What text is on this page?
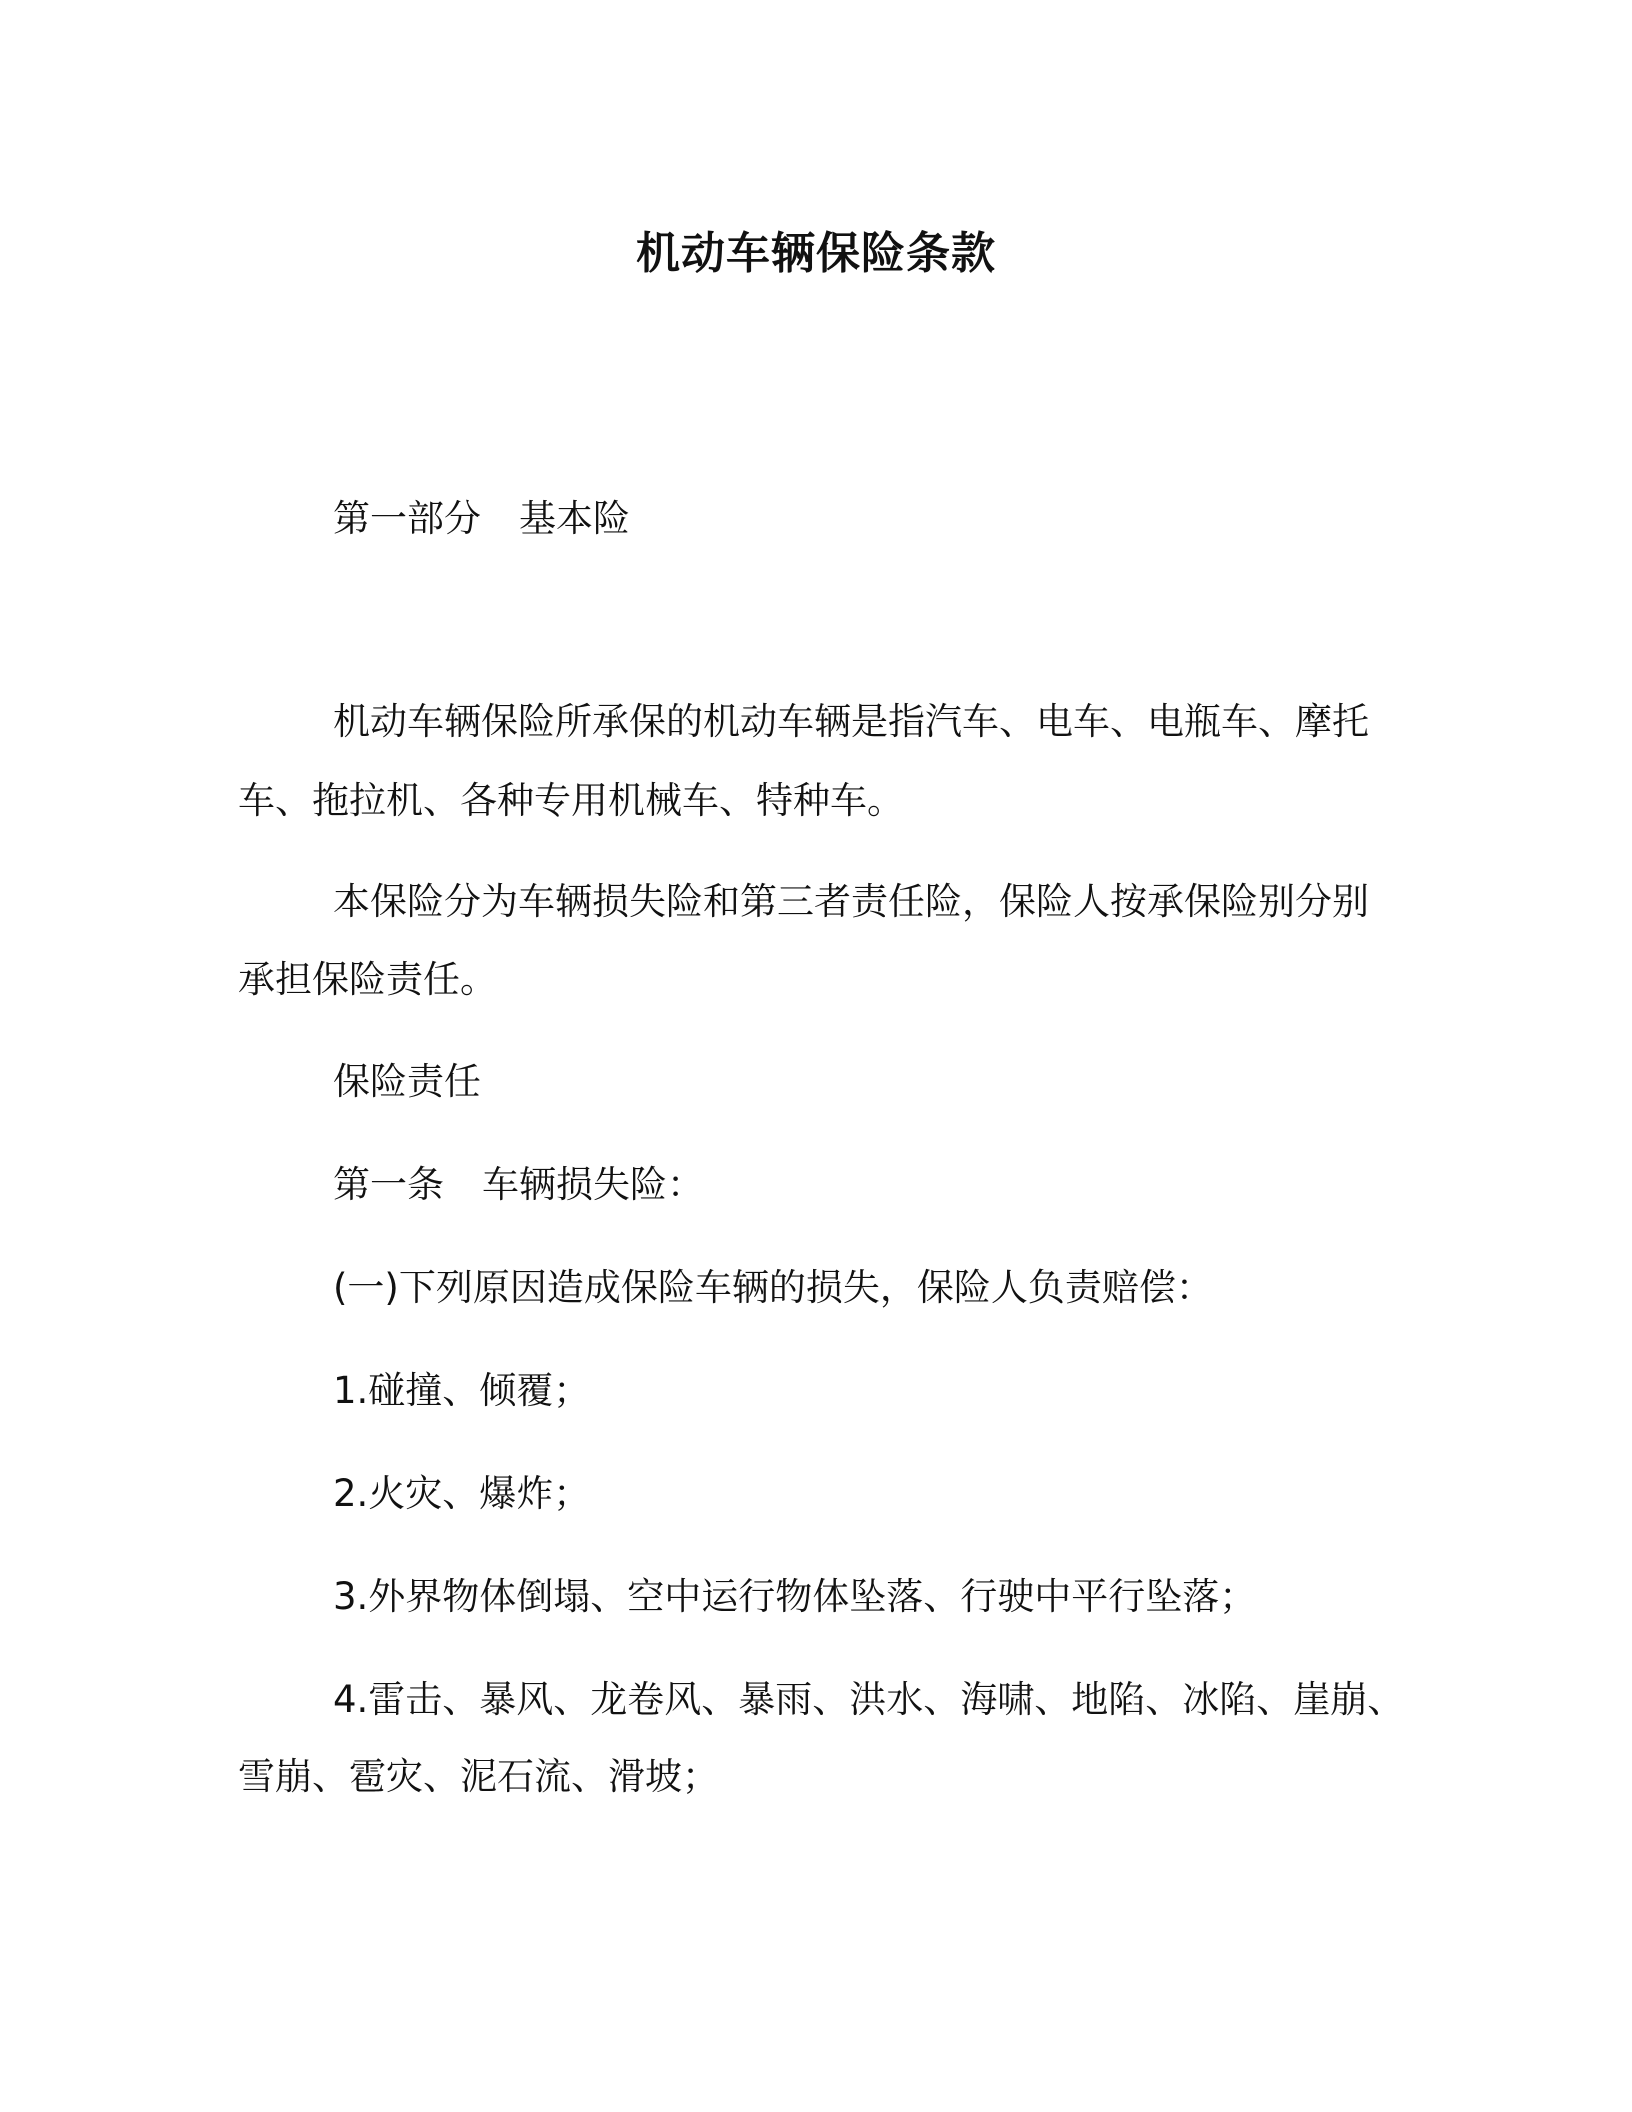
机动车辆保险条款
第一部分 基本险
机动车辆保险所承保的机动车辆是指汽车、电车、电瓶车、摩托
车、拖拉机、各种专用机械车、特种车。
本保险分为车辆损失险和第三者责任险，保险人按承保险别分别
承担保险责任。
保险责任
第一条 车辆损失险：
(一)下列原因造成保险车辆的损失，保险人负责赔偿：
1.碰撞、倾覆；
2.火灾、爆炸；
3.外界物体倒塌、空中运行物体坠落、行驶中平行坠落；
4.雷击、暴风、龙卷风、暴雨、洪水、海啸、地陷、冰陷、崖崩、
雪崩、雹灾、泥石流、滑坡；
